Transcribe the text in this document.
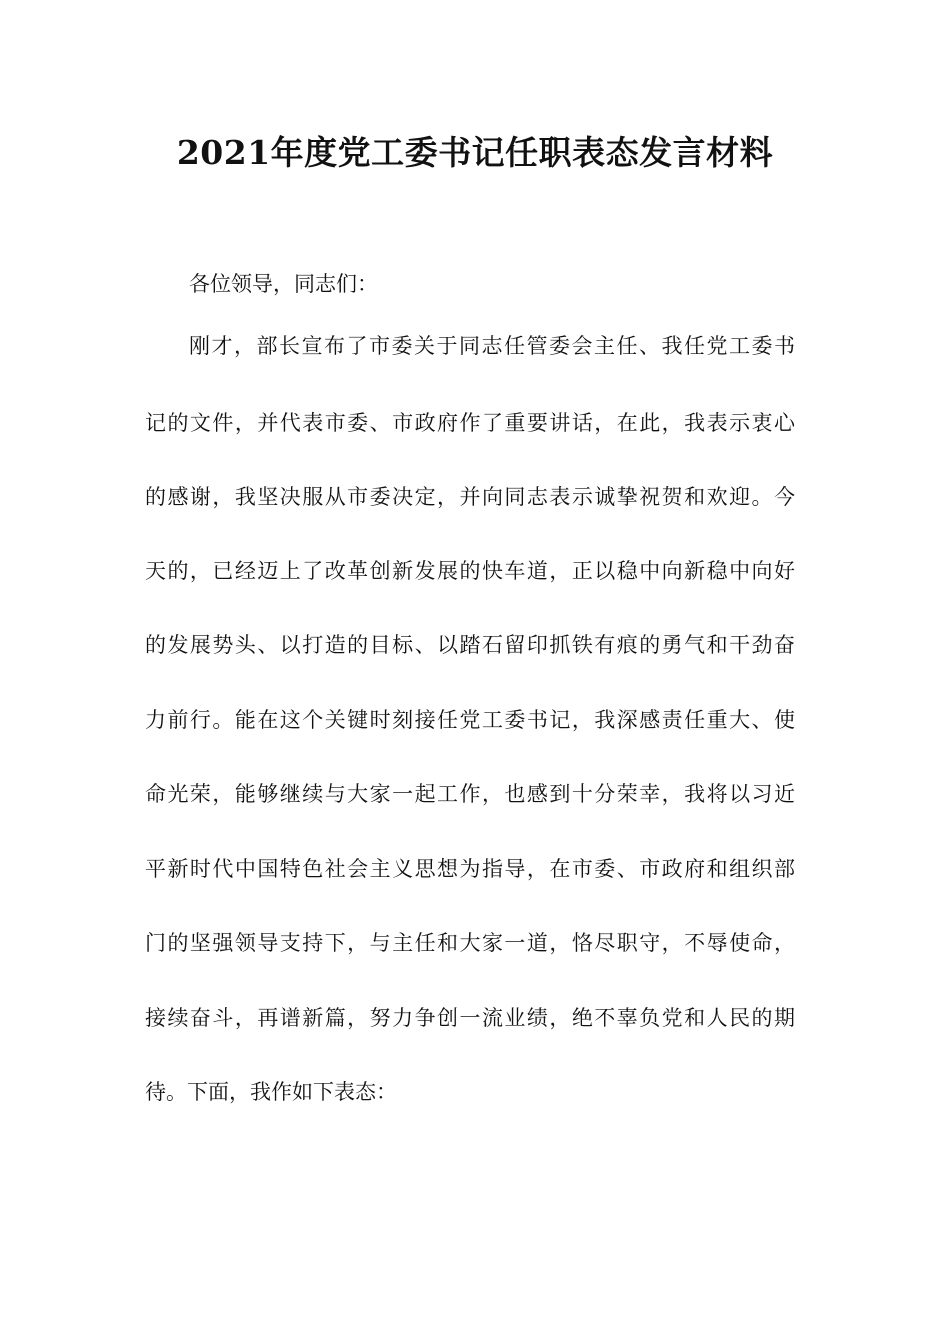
2021年度党工委书记任职表态发言材料
各位领导，同志们：
刚才，部长宣布了市委关于同志任管委会主任、我任党工委书
记的文件，并代表市委、市政府作了重要讲话，在此，我表示衷心
的感谢，我坚决服从市委决定，并向同志表示诚挚祝贺和欢迎。今
天的，已经迈上了改革创新发展的快车道，正以稳中向新稳中向好
的发展势头、以打造的目标、以踏石留印抓铁有痕的勇气和干劲奋
力前行。能在这个关键时刻接任党工委书记，我深感责任重大、使
命光荣，能够继续与大家一起工作，也感到十分荣幸，我将以习近
平新时代中国特色社会主义思想为指导，在市委、市政府和组织部
门的坚强领导支持下，与主任和大家一道，恪尽职守，不辱使命，
接续奋斗，再谱新篇，努力争创一流业绩，绝不辜负党和人民的期
待。下面，我作如下表态：
